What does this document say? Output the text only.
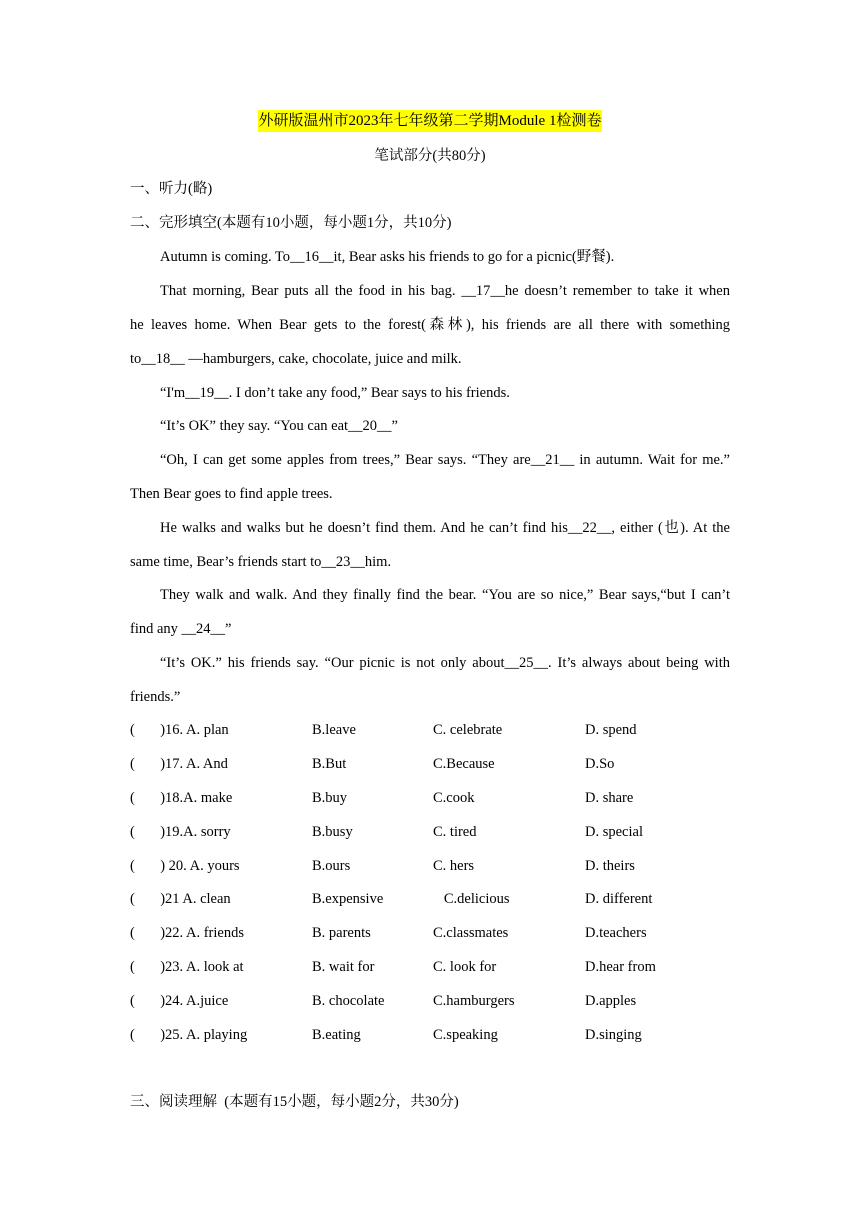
外研版温州市2023年七年级第二学期Module 1检测卷
笔试部分(共80分)
一、听力(略)
二、完形填空(本题有10小题，每小题1分，共10分)
Autumn is coming. To__16__it, Bear asks his friends to go for a picnic(野餐).
That morning, Bear puts all the food in his bag. __17__he doesn’t remember to take it when
he leaves home. When Bear gets to the forest(森林), his friends are all there with something
to__18__ —hamburgers, cake, chocolate, juice and milk.
“I'm__19__. I don’t take any food,” Bear says to his friends.
“It’s OK” they say. “You can eat__20__”
“Oh, I can get some apples from trees,” Bear says. “They are__21__ in autumn. Wait for me.”
Then Bear goes to find apple trees.
He walks and walks but he doesn’t find them. And he can’t find his__22__, either (也). At the
same time, Bear’s friends start to__23__him.
They walk and walk. And they finally find the bear. “You are so nice,” Bear says,“but I can’t
find any __24__”
“It’s OK.” his friends say. “Our picnic is not only about__25__. It’s always about being with
friends.”
(       )16. A. plan	B.leave	C. celebrate	D. spend
(       )17. A. And	B.But	C.Because	D.So
(       )18.A. make	B.buy	C.cook	D. share
(       )19.A. sorry	B.busy	C. tired	D. special
(       ) 20. A. yours	B.ours	C. hers	D. theirs
(       )21 A. clean	B.expensive	C.delicious	D. different
(       )22. A. friends	B. parents	C.classmates	D.teachers
(       )23. A. look at	B. wait for	C. look for	D.hear from
(       )24. A.juice	B. chocolate	C.hamburgers	D.apples
(       )25. A. playing	B.eating	C.speaking	D.singing
三、阅读理解  (本题有15小题，每小题2分，共30分)
